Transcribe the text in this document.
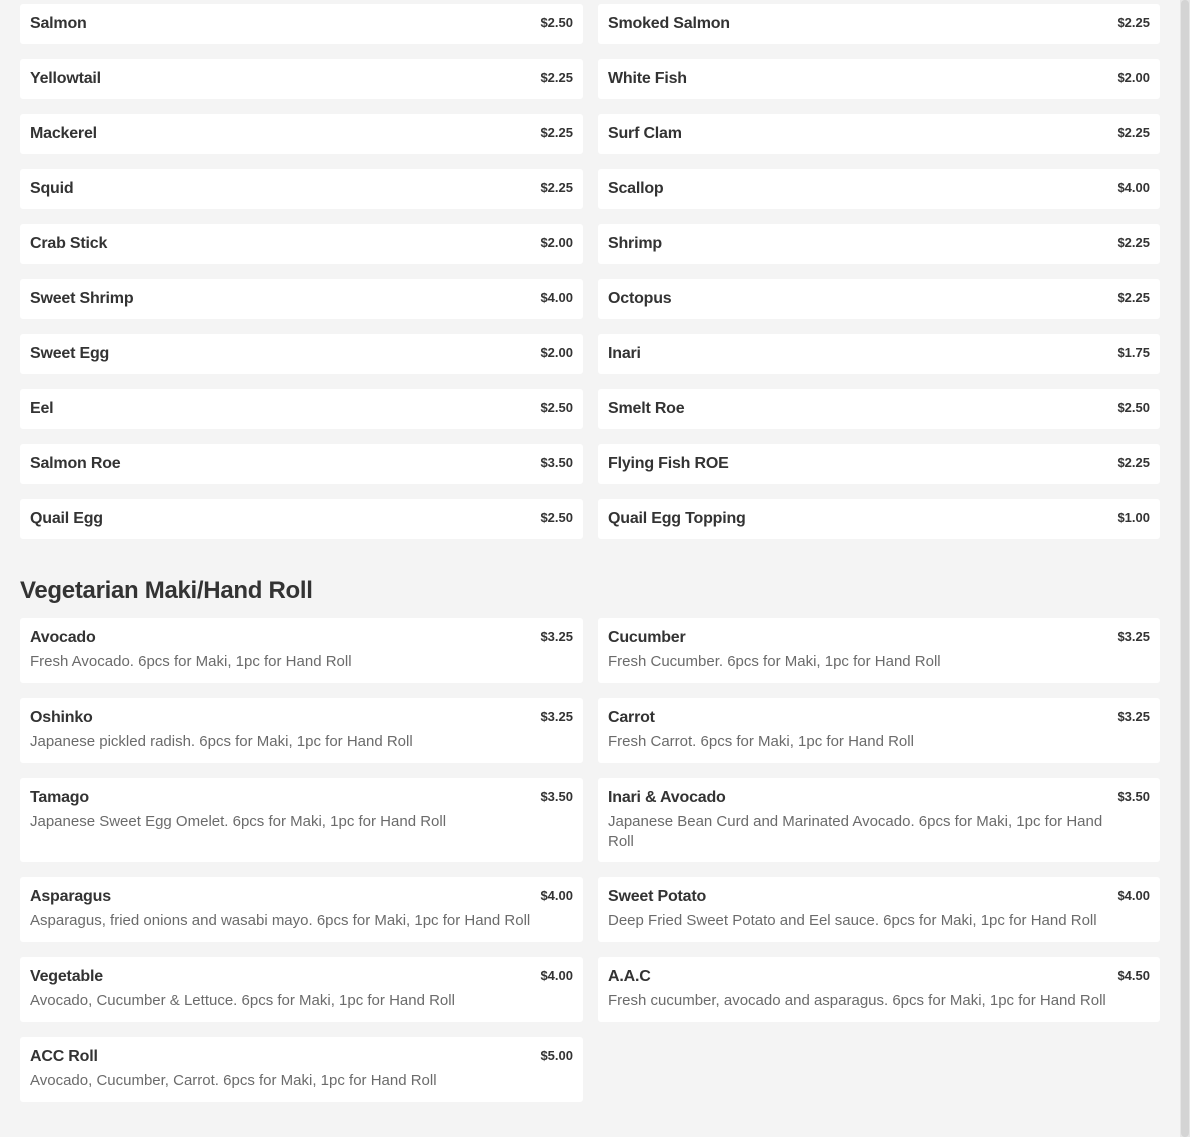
Salmon	$2.50 Smoked Salmon	$2.25
Yellowtail	$2.25 White Fish	$2.00
Mackerel	$2.25 Surf Clam	$2.25
Squid	$2.25 Scallop	$4.00
Crab Stick	$2.00 Shrimp	$2.25
Sweet Shrimp	$4.00 Octopus	$2.25
Sweet Egg	$2.00 Inari	$1.75
Eel	$2.50 Smelt Roe	$2.50
Salmon Roe	$3.50 Flying Fish ROE	$2.25
Quail Egg	$2.50 Quail Egg Topping	$1.00
Vegetarian Maki/Hand Roll
Avocado	$3.25
Fresh Avocado. 6pcs for Maki, 1pc for Hand Roll
Cucumber	$3.25
Fresh Cucumber. 6pcs for Maki, 1pc for Hand Roll
Oshinko	$3.25
Japanese pickled radish. 6pcs for Maki, 1pc for Hand Roll
Carrot	$3.25
Fresh Carrot. 6pcs for Maki, 1pc for Hand Roll
Tamago	$3.50
Japanese Sweet Egg Omelet. 6pcs for Maki, 1pc for Hand Roll
Inari & Avocado	$3.50
Japanese Bean Curd and Marinated Avocado. 6pcs for Maki, 1pc for Hand Roll
Asparagus	$4.00
Asparagus, fried onions and wasabi mayo. 6pcs for Maki, 1pc for Hand Roll
Sweet Potato	$4.00
Deep Fried Sweet Potato and Eel sauce. 6pcs for Maki, 1pc for Hand Roll
Vegetable	$4.00
Avocado, Cucumber & Lettuce. 6pcs for Maki, 1pc for Hand Roll
A.A.C	$4.50
Fresh cucumber, avocado and asparagus. 6pcs for Maki, 1pc for Hand Roll
ACC Roll	$5.00
Avocado, Cucumber, Carrot. 6pcs for Maki, 1pc for Hand Roll
